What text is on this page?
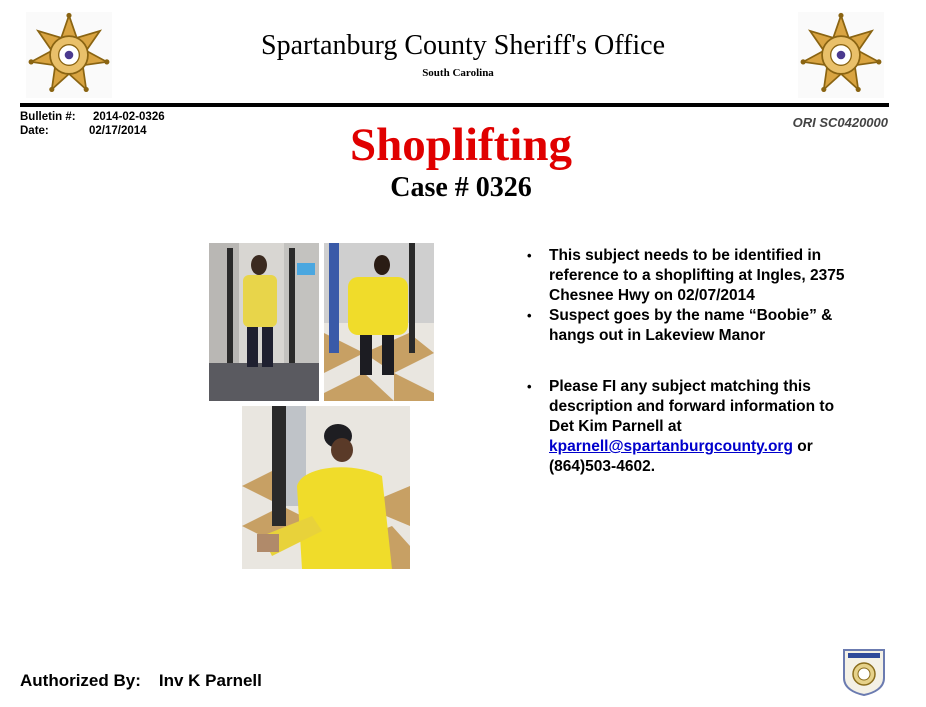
Spartanburg County Sheriff's Office
South Carolina
Bulletin #: 2014-02-0326
Date:	02/17/2014
ORI SC0420000
Shoplifting
Case # 0326
• This subject needs to be identified in reference to a shoplifting at Ingles, 2375 Chesnee Hwy on 02/07/2014
• Suspect goes by the name “Boobie” & hangs out in Lakeview Manor
• Please FI any subject matching this description and forward information to Det Kim Parnell at kparnell@spartanburgcounty.org or (864)503-4602.
Authorized By: Inv K Parnell
